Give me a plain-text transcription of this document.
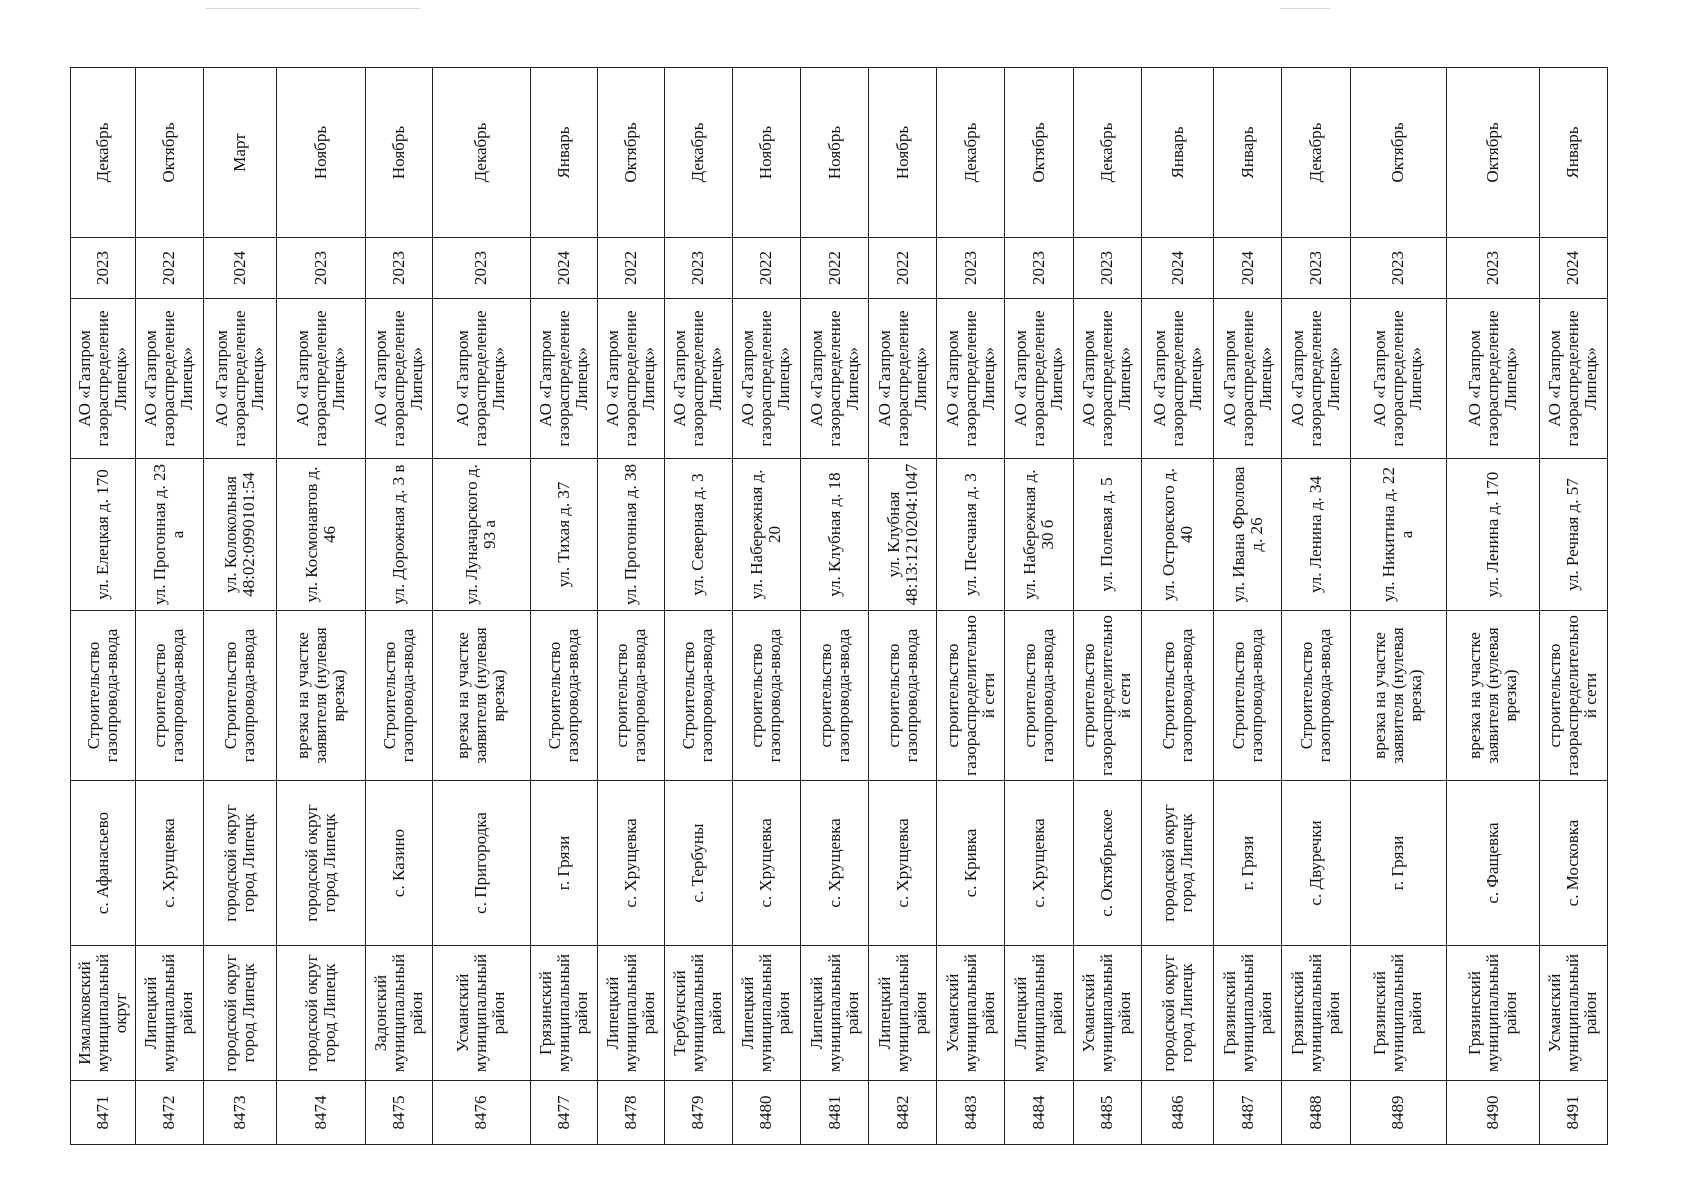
8471	Измалковский муниципальный округ	с. Афанасьево	Строительство газопровода-ввода	ул. Елецкая д. 170	АО «Газпром газораспределение Липецк»	2023	Декабрь
8472	Липецкий муниципальный район	с. Хрущевка	строительство газопровода-ввода	ул. Прогонная д. 23 а	АО «Газпром газораспределение Липецк»	2022	Октябрь
8473	городской округ город Липецк	городской округ город Липецк	Строительство газопровода-ввода	ул. Колокольная 48:02:0990101:54	АО «Газпром газораспределение Липецк»	2024	Март
8474	городской округ город Липецк	городской округ город Липецк	врезка на участке заявителя (нулевая врезка)	ул. Космонавтов д. 46	АО «Газпром газораспределение Липецк»	2023	Ноябрь
8475	Задонский муниципальный район	с. Казино	Строительство газопровода-ввода	ул. Дорожная д. 3 в	АО «Газпром газораспределение Липецк»	2023	Ноябрь
8476	Усманский муниципальный район	с. Пригородка	врезка на участке заявителя (нулевая врезка)	ул. Луначарского д. 93 а	АО «Газпром газораспределение Липецк»	2023	Декабрь
8477	Грязинский муниципальный район	г. Грязи	Строительство газопровода-ввода	ул. Тихая д. 37	АО «Газпром газораспределение Липецк»	2024	Январь
8478	Липецкий муниципальный район	с. Хрущевка	строительство газопровода-ввода	ул. Прогонная д. 38	АО «Газпром газораспределение Липецк»	2022	Октябрь
8479	Тербунский муниципальный район	с. Тербуны	Строительство газопровода-ввода	ул. Северная д. 3	АО «Газпром газораспределение Липецк»	2023	Декабрь
8480	Липецкий муниципальный район	с. Хрущевка	строительство газопровода-ввода	ул. Набережная д. 20	АО «Газпром газораспределение Липецк»	2022	Ноябрь
8481	Липецкий муниципальный район	с. Хрущевка	строительство газопровода-ввода	ул. Клубная д. 18	АО «Газпром газораспределение Липецк»	2022	Ноябрь
8482	Липецкий муниципальный район	с. Хрущевка	строительство газопровода-ввода	ул. Клубная 48:13:1210204:1047	АО «Газпром газораспределение Липецк»	2022	Ноябрь
8483	Усманский муниципальный район	с. Кривка	строительство газораспределительной сети	ул. Песчаная д. 3	АО «Газпром газораспределение Липецк»	2023	Декабрь
8484	Липецкий муниципальный район	с. Хрущевка	строительство газопровода-ввода	ул. Набережная д. 30 б	АО «Газпром газораспределение Липецк»	2023	Октябрь
8485	Усманский муниципальный район	с. Октябрьское	строительство газораспределительной сети	ул. Полевая д. 5	АО «Газпром газораспределение Липецк»	2023	Декабрь
8486	городской округ город Липецк	городской округ город Липецк	Строительство газопровода-ввода	ул. Островского д. 40	АО «Газпром газораспределение Липецк»	2024	Январь
8487	Грязинский муниципальный район	г. Грязи	Строительство газопровода-ввода	ул. Ивана Фролова д. 26	АО «Газпром газораспределение Липецк»	2024	Январь
8488	Грязинский муниципальный район	с. Двуречки	Строительство газопровода-ввода	ул. Ленина д. 34	АО «Газпром газораспределение Липецк»	2023	Декабрь
8489	Грязинский муниципальный район	г. Грязи	врезка на участке заявителя (нулевая врезка)	ул. Никитина д. 22 а	АО «Газпром газораспределение Липецк»	2023	Октябрь
8490	Грязинский муниципальный район	с. Фащевка	врезка на участке заявителя (нулевая врезка)	ул. Ленина д. 170	АО «Газпром газораспределение Липецк»	2023	Октябрь
8491	Усманский муниципальный район	с. Московка	строительство газораспределительной сети	ул. Речная д. 57	АО «Газпром газораспределение Липецк»	2024	Январь
